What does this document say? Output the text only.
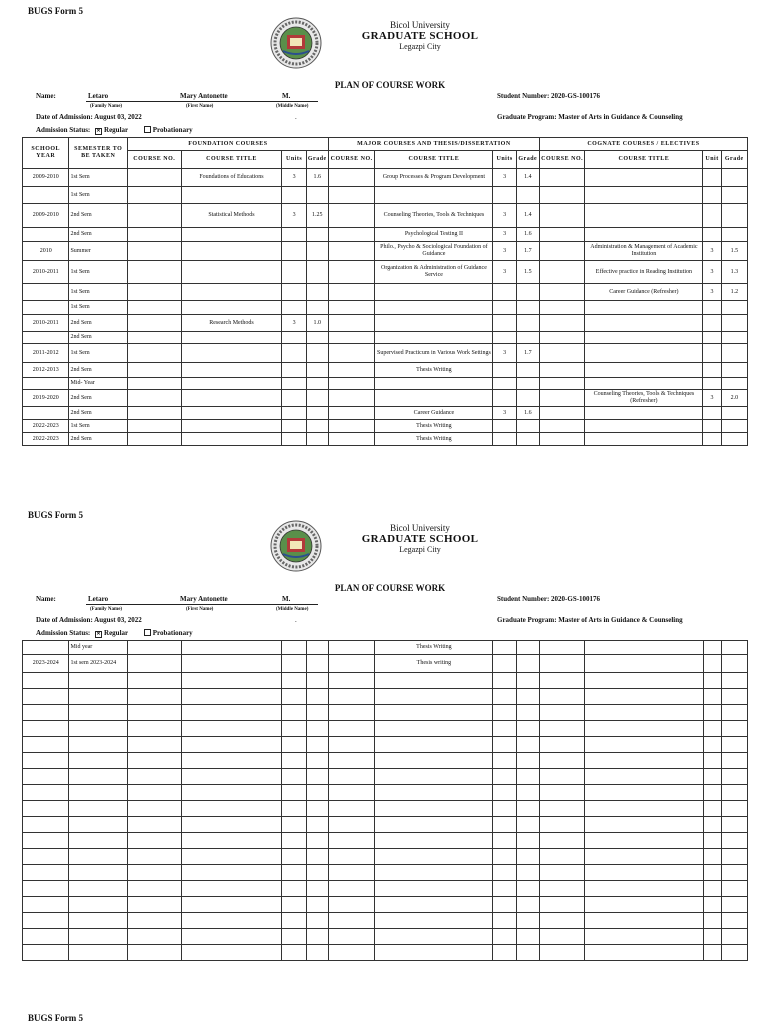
BUGS Form 5
Bicol University
GRADUATE SCHOOL
Legazpi City
PLAN OF COURSE WORK
Name:	Letaro	Mary Antonette	M.
(Family Name)	(First Name)	(Middle Name)
Student Number: 2020-GS-100176
Date of Admission: August 03, 2022	.	Graduate Program: Master of Arts in Guidance & Counseling
Admission Status: ✕ Regular	Probationary
SCHOOL YEAR	SEMESTER TO BE TAKEN	FOUNDATION COURSES				MAJOR COURSES AND THESIS/DISSERTATION				COGNATE COURSES / ELECTIVES			
		COURSE NO.	COURSE TITLE	Units	Grade	COURSE NO.	COURSE TITLE	Units	Grade	COURSE NO.	COURSE TITLE	Unit	Grade
2009-2010	1st Sem		Foundations of Educations	3	1.6		Group Processes & Program Development	3	1.4				
	1st Sem												
2009-2010	2nd Sem		Statistical Methods	3	1.25		Counseling Theories, Tools & Techniques	3	1.4				
	2nd Sem						Psychological Testing II	3	1.6				
2010	Summer						Philo., Psycho & Sociological Foundation of Guidance	3	1.7		Administration & Management of Academic Institution	3	1.5
2010-2011	1st Sem						Organization & Administration of Guidance Service	3	1.5		Effective practice in Reading Institution	3	1.3
	1st Sem										Career Guidance (Refresher)	3	1.2
	1st Sem												
2010-2011	2nd Sem		Research Methods	3	1.0								
	2nd Sem												
2011-2012	1st Sem						Supervised Practicum in Various Work Settings	3	1.7				
2012-2013	2nd Sem						Thesis Writing						
	Mid- Year												
2019-2020	2nd Sem										Counseling Theories, Tools & Techniques (Refresher)	3	2.0
	2nd Sem						Career Guidance	3	1.6				
2022-2023	1st Sem						Thesis Writing						
2022-2023	2nd Sem						Thesis Writing						
BUGS Form 5
Bicol University
GRADUATE SCHOOL
Legazpi City
PLAN OF COURSE WORK
Name:	Letaro	Mary Antonette	M.
(Family Name)	(First Name)	(Middle Name)
Student Number: 2020-GS-100176
Date of Admission: August 03, 2022	.	Graduate Program: Master of Arts in Guidance & Counseling
Admission Status: ✕ Regular	Probationary
	Mid year						Thesis Writing						
2023-2024	1st sem 2023-2024						Thesis writing						

BUGS Form 5
